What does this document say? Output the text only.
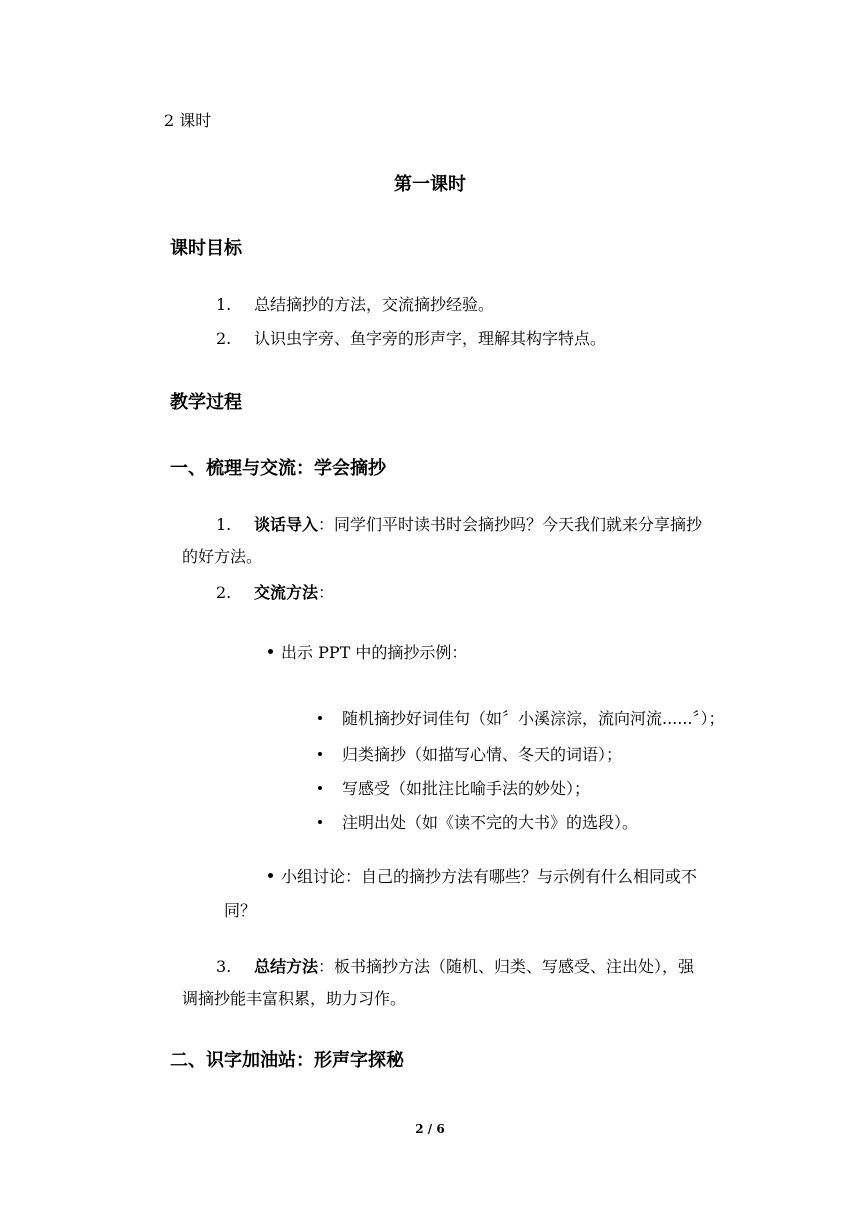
2 课时
第一课时
课时目标
1. 总结摘抄的方法，交流摘抄经验。
2. 认识虫字旁、鱼字旁的形声字，理解其构字特点。
教学过程
一、梳理与交流：学会摘抄
1. 谈话导入：同学们平时读书时会摘抄吗？今天我们就来分享摘抄
的好方法。
2. 交流方法：
出示 PPT 中的摘抄示例：
随机摘抄好词佳句（如〞小溪淙淙，流向河流......〞）；
归类摘抄（如描写心情、冬天的词语）；
写感受（如批注比喻手法的妙处）；
注明出处（如《读不完的大书》的选段）。
小组讨论：自己的摘抄方法有哪些？与示例有什么相同或不
同？
3. 总结方法：板书摘抄方法（随机、归类、写感受、注出处），强
调摘抄能丰富积累，助力习作。
二、识字加油站：形声字探秘
2 / 6
